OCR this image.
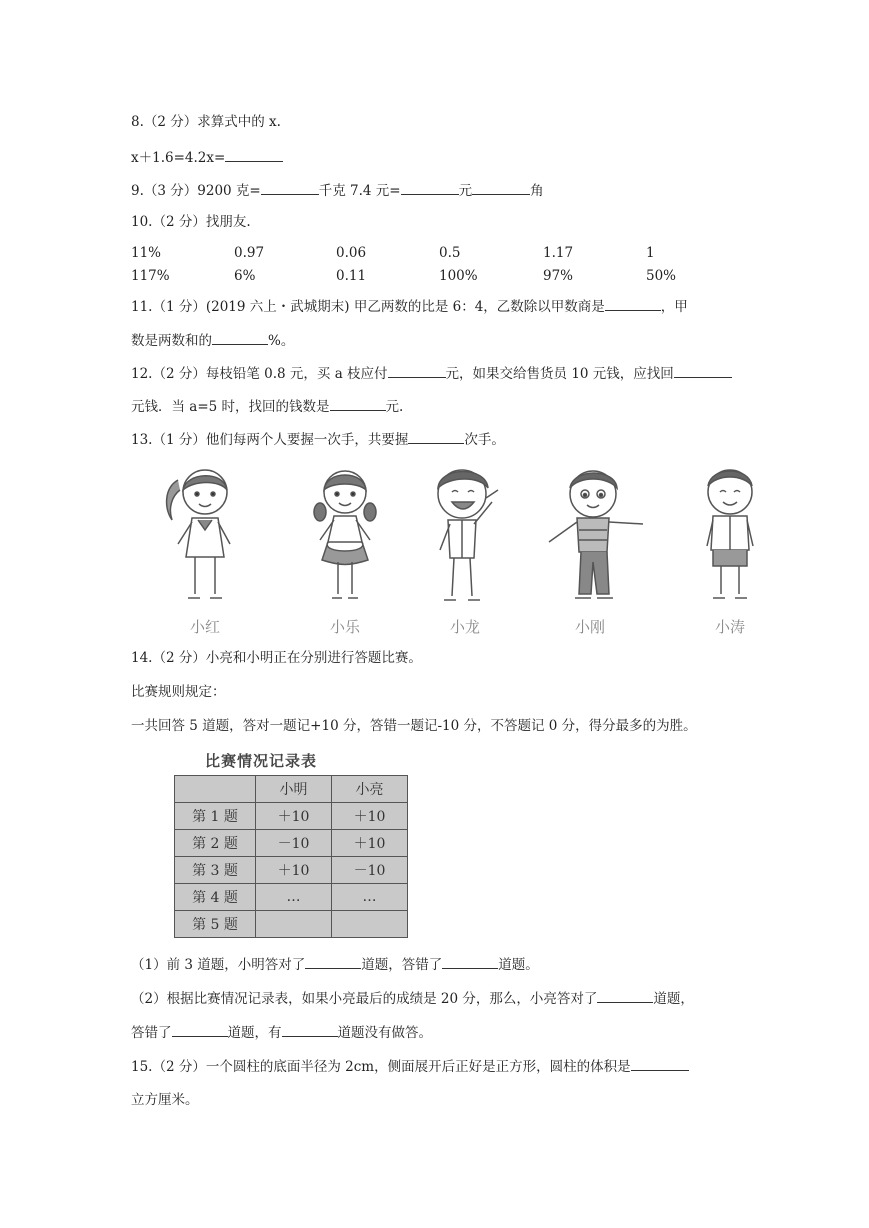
8.（2 分）求算式中的 x.
x＋1.6=4.2x=
9.（3 分）9200 克=	千克 7.4 元=	元	角
10.（2 分）找朋友.
11%	0.97	0.06	0.5	1.17	1
117%	6%	0.11	100%	97%	50%
11.（1 分）(2019 六上・武城期末) 甲乙两数的比是 6：4，乙数除以甲数商是	，甲
数是两数和的	%。
12.（2 分）每枝铅笔 0.8 元，买 a 枝应付	元，如果交给售货员 10 元钱，应找回
元钱．当 a=5 时，找回的钱数是	元.
13.（1 分）他们每两个人要握一次手，共要握	次手。
小红	小乐	小龙	小刚	小涛
14.（2 分）小亮和小明正在分别进行答题比赛。
比赛规则规定：
一共回答 5 道题，答对一题记+10 分，答错一题记-10 分，不答题记 0 分，得分最多的为胜。
比赛情况记录表
	小明	小亮
第 1 题	＋10	＋10
第 2 题	－10	＋10
第 3 题	＋10	－10
第 4 题	…	…
第 5 题		
（1）前 3 道题，小明答对了	道题，答错了	道题。
（2）根据比赛情况记录表，如果小亮最后的成绩是 20 分，那么，小亮答对了	道题，
答错了	道题，有	道题没有做答。
15.（2 分）一个圆柱的底面半径为 2cm，侧面展开后正好是正方形，圆柱的体积是
立方厘米。
